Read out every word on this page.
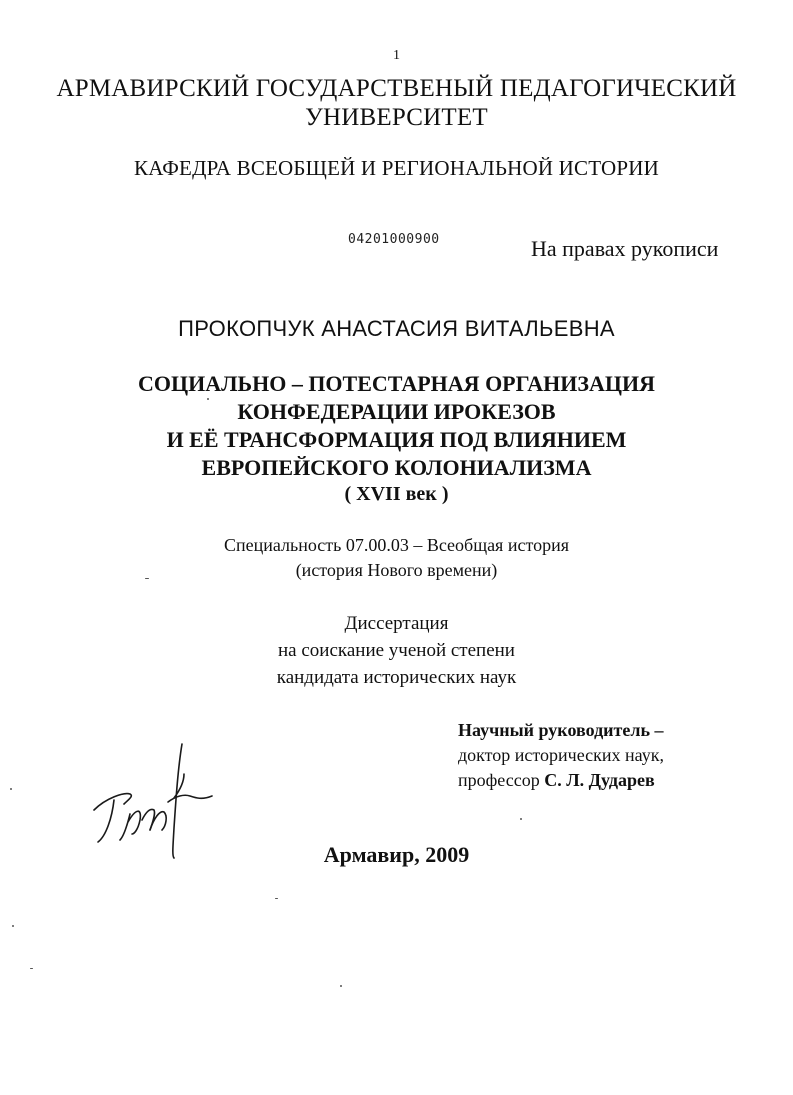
1
АРМАВИРСКИЙ ГОСУДАРСТВЕНЫЙ ПЕДАГОГИЧЕСКИЙ
УНИВЕРСИТЕТ
КАФЕДРА ВСЕОБЩЕЙ И РЕГИОНАЛЬНОЙ ИСТОРИИ
04201000900	На правах рукописи
ПРОКОПЧУК АНАСТАСИЯ ВИТАЛЬЕВНА
СОЦИАЛЬНО – ПОТЕСТАРНАЯ ОРГАНИЗАЦИЯ
КОНФЕДЕРАЦИИ ИРОКЕЗОВ
И ЕЁ ТРАНСФОРМАЦИЯ ПОД ВЛИЯНИЕМ
ЕВРОПЕЙСКОГО КОЛОНИАЛИЗМА
( XVII век )
Специальность 07.00.03 – Всеобщая история
(история Нового времени)
Диссертация
на соискание ученой степени
кандидата исторических наук
Научный руководитель –
доктор исторических наук,
профессор С. Л. Дударев
Армавир, 2009
